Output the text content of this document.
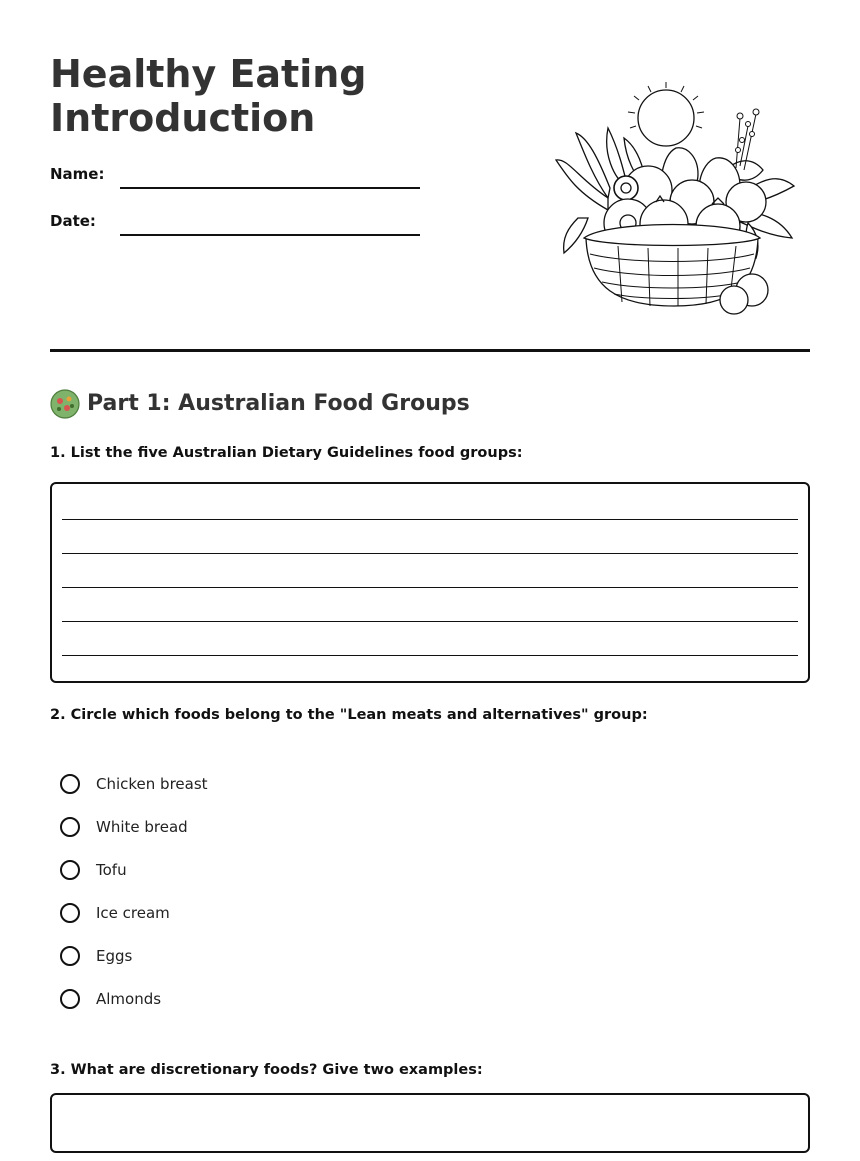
Healthy Eating
Introduction
Name:
Date:
Part 1: Australian Food Groups

1. List the five Australian Dietary Guidelines food groups:

2. Circle which foods belong to the "Lean meats and alternatives" group:

Chicken breast
White bread
Tofu
Ice cream
Eggs
Almonds

3. What are discretionary foods? Give two examples:
